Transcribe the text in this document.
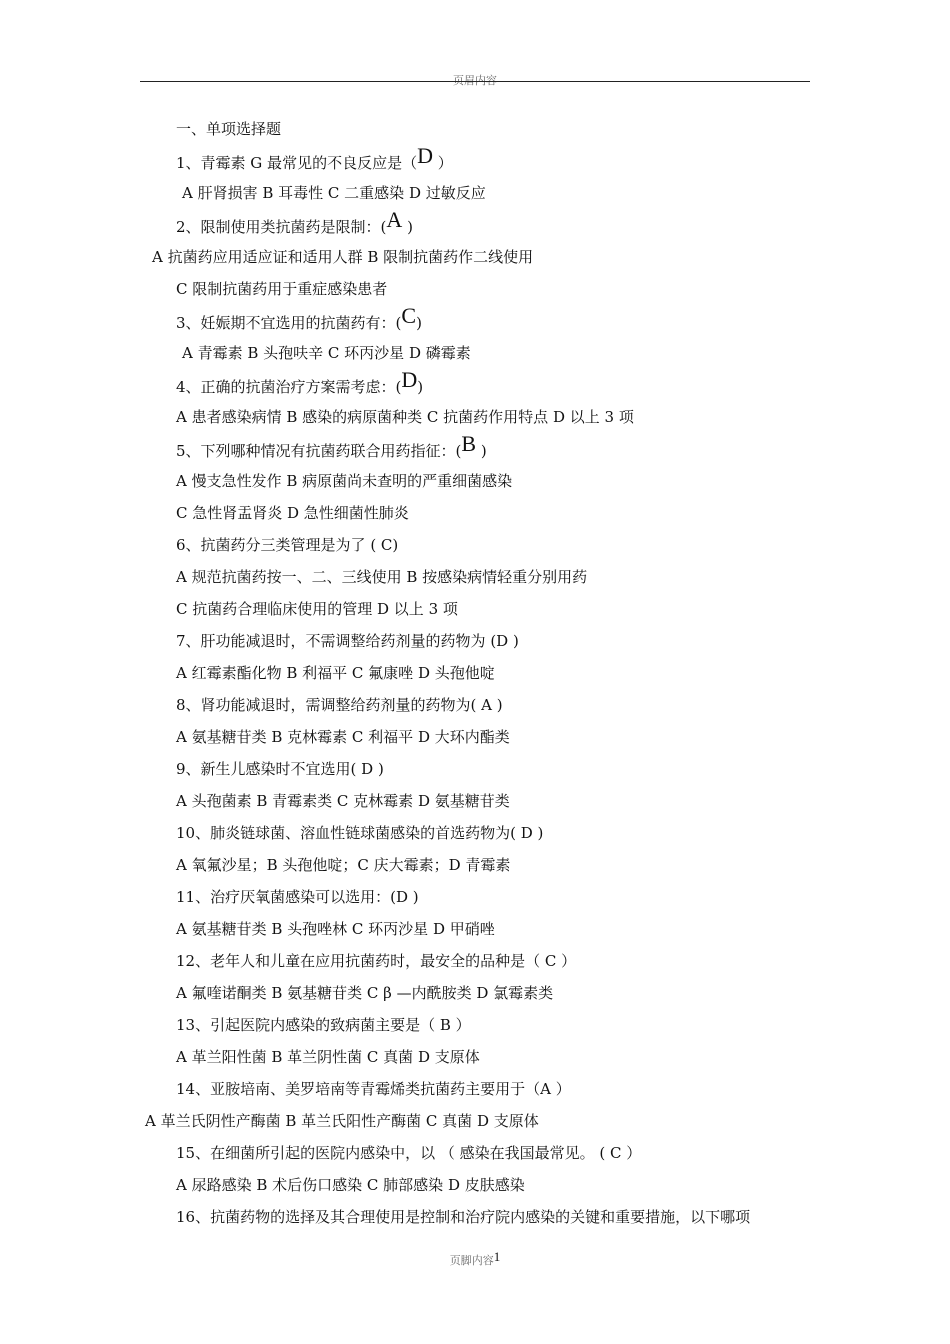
页眉内容
一、单项选择题
1、青霉素 G 最常见的不良反应是（D ）
A 肝肾损害 B 耳毒性 C 二重感染 D 过敏反应
2、限制使用类抗菌药是限制：(A )
A 抗菌药应用适应证和适用人群 B 限制抗菌药作二线使用
C 限制抗菌药用于重症感染患者
3、妊娠期不宜选用的抗菌药有：(C)
A 青霉素 B 头孢呋辛 C 环丙沙星 D 磷霉素
4、正确的抗菌治疗方案需考虑：(D)
A 患者感染病情 B 感染的病原菌种类 C 抗菌药作用特点 D 以上 3 项
5、下列哪种情况有抗菌药联合用药指征：(B )
A 慢支急性发作 B 病原菌尚未查明的严重细菌感染
C 急性肾盂肾炎 D 急性细菌性肺炎
6、抗菌药分三类管理是为了 ( C)
A 规范抗菌药按一、二、三线使用 B 按感染病情轻重分别用药
C 抗菌药合理临床使用的管理 D 以上 3 项
7、肝功能减退时，不需调整给药剂量的药物为 (D )
A 红霉素酯化物 B 利福平 C 氟康唑 D 头孢他啶
8、肾功能减退时，需调整给药剂量的药物为( A )
A 氨基糖苷类 B 克林霉素 C 利福平 D 大环内酯类
9、新生儿感染时不宜选用( D )
A 头孢菌素 B 青霉素类 C 克林霉素 D 氨基糖苷类
10、肺炎链球菌、溶血性链球菌感染的首选药物为( D )
A 氧氟沙星；B 头孢他啶；C 庆大霉素；D 青霉素
11、治疗厌氧菌感染可以选用：(D )
A 氨基糖苷类 B 头孢唑林 C 环丙沙星 D 甲硝唑
12、老年人和儿童在应用抗菌药时，最安全的品种是（ C ）
A 氟喹诺酮类 B 氨基糖苷类 C β —内酰胺类 D 氯霉素类
13、引起医院内感染的致病菌主要是（ B ）
A 革兰阳性菌 B 革兰阴性菌 C 真菌 D 支原体
14、亚胺培南、美罗培南等青霉烯类抗菌药主要用于（A ）
A 革兰氏阴性产酶菌 B 革兰氏阳性产酶菌 C 真菌 D 支原体
15、在细菌所引起的医院内感染中，以 （ 感染在我国最常见。 ( C ）
A 尿路感染 B 术后伤口感染 C 肺部感染 D 皮肤感染
16、抗菌药物的选择及其合理使用是控制和治疗院内感染的关键和重要措施，以下哪项
页脚内容1
